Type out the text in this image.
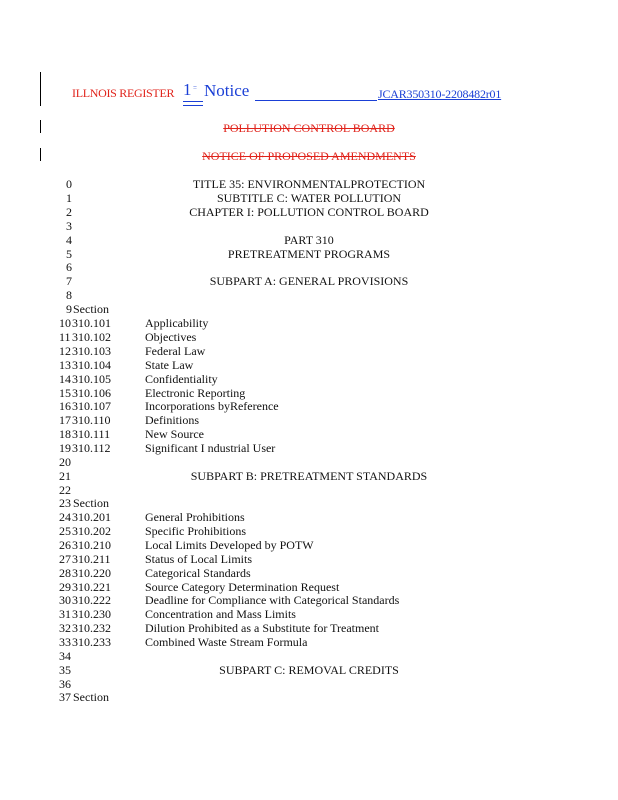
ILLNOIS REGISTER 1 = Notice	JCAR350310-2208482r01
POLLUTION CONTROL BOARD
NOTICE OF PROPOSED AMENDMENTS
0	TITLE 35: ENVIRONMENTALPROTECTION
1	SUBTITLE C: WATER POLLUTION
2	CHAPTER I: POLLUTION CONTROL BOARD
3
4	PART 310
5	PRETREATMENT PROGRAMS
6
7	SUBPART A: GENERAL PROVISIONS
8
9 Section
10 310.101	Applicability
11 310.102	Objectives
12 310.103	Federal Law
13 310.104	State Law
14 310.105	Confidentiality
15 310.106	Electronic Reporting
16 310.107	Incorporations byReference
17 310.110	Definitions
18 310.111	New Source
19 310.112	Significant I ndustrial User
20
21	SUBPART B: PRETREATMENT STANDARDS
22
23 Section
24 310.201	General Prohibitions
25 310.202	Specific Prohibitions
26 310.210	Local Limits Developed by POTW
27 310.211	Status of Local Limits
28 310.220	Categorical Standards
29 310.221	Source Category Determination Request
30 310.222	Deadline for Compliance with Categorical Standards
31 310.230	Concentration and Mass Limits
32 310.232	Dilution Prohibited as a Substitute for Treatment
33 310.233	Combined Waste Stream Formula
34
35	SUBPART C: REMOVAL CREDITS
36
37 Section
